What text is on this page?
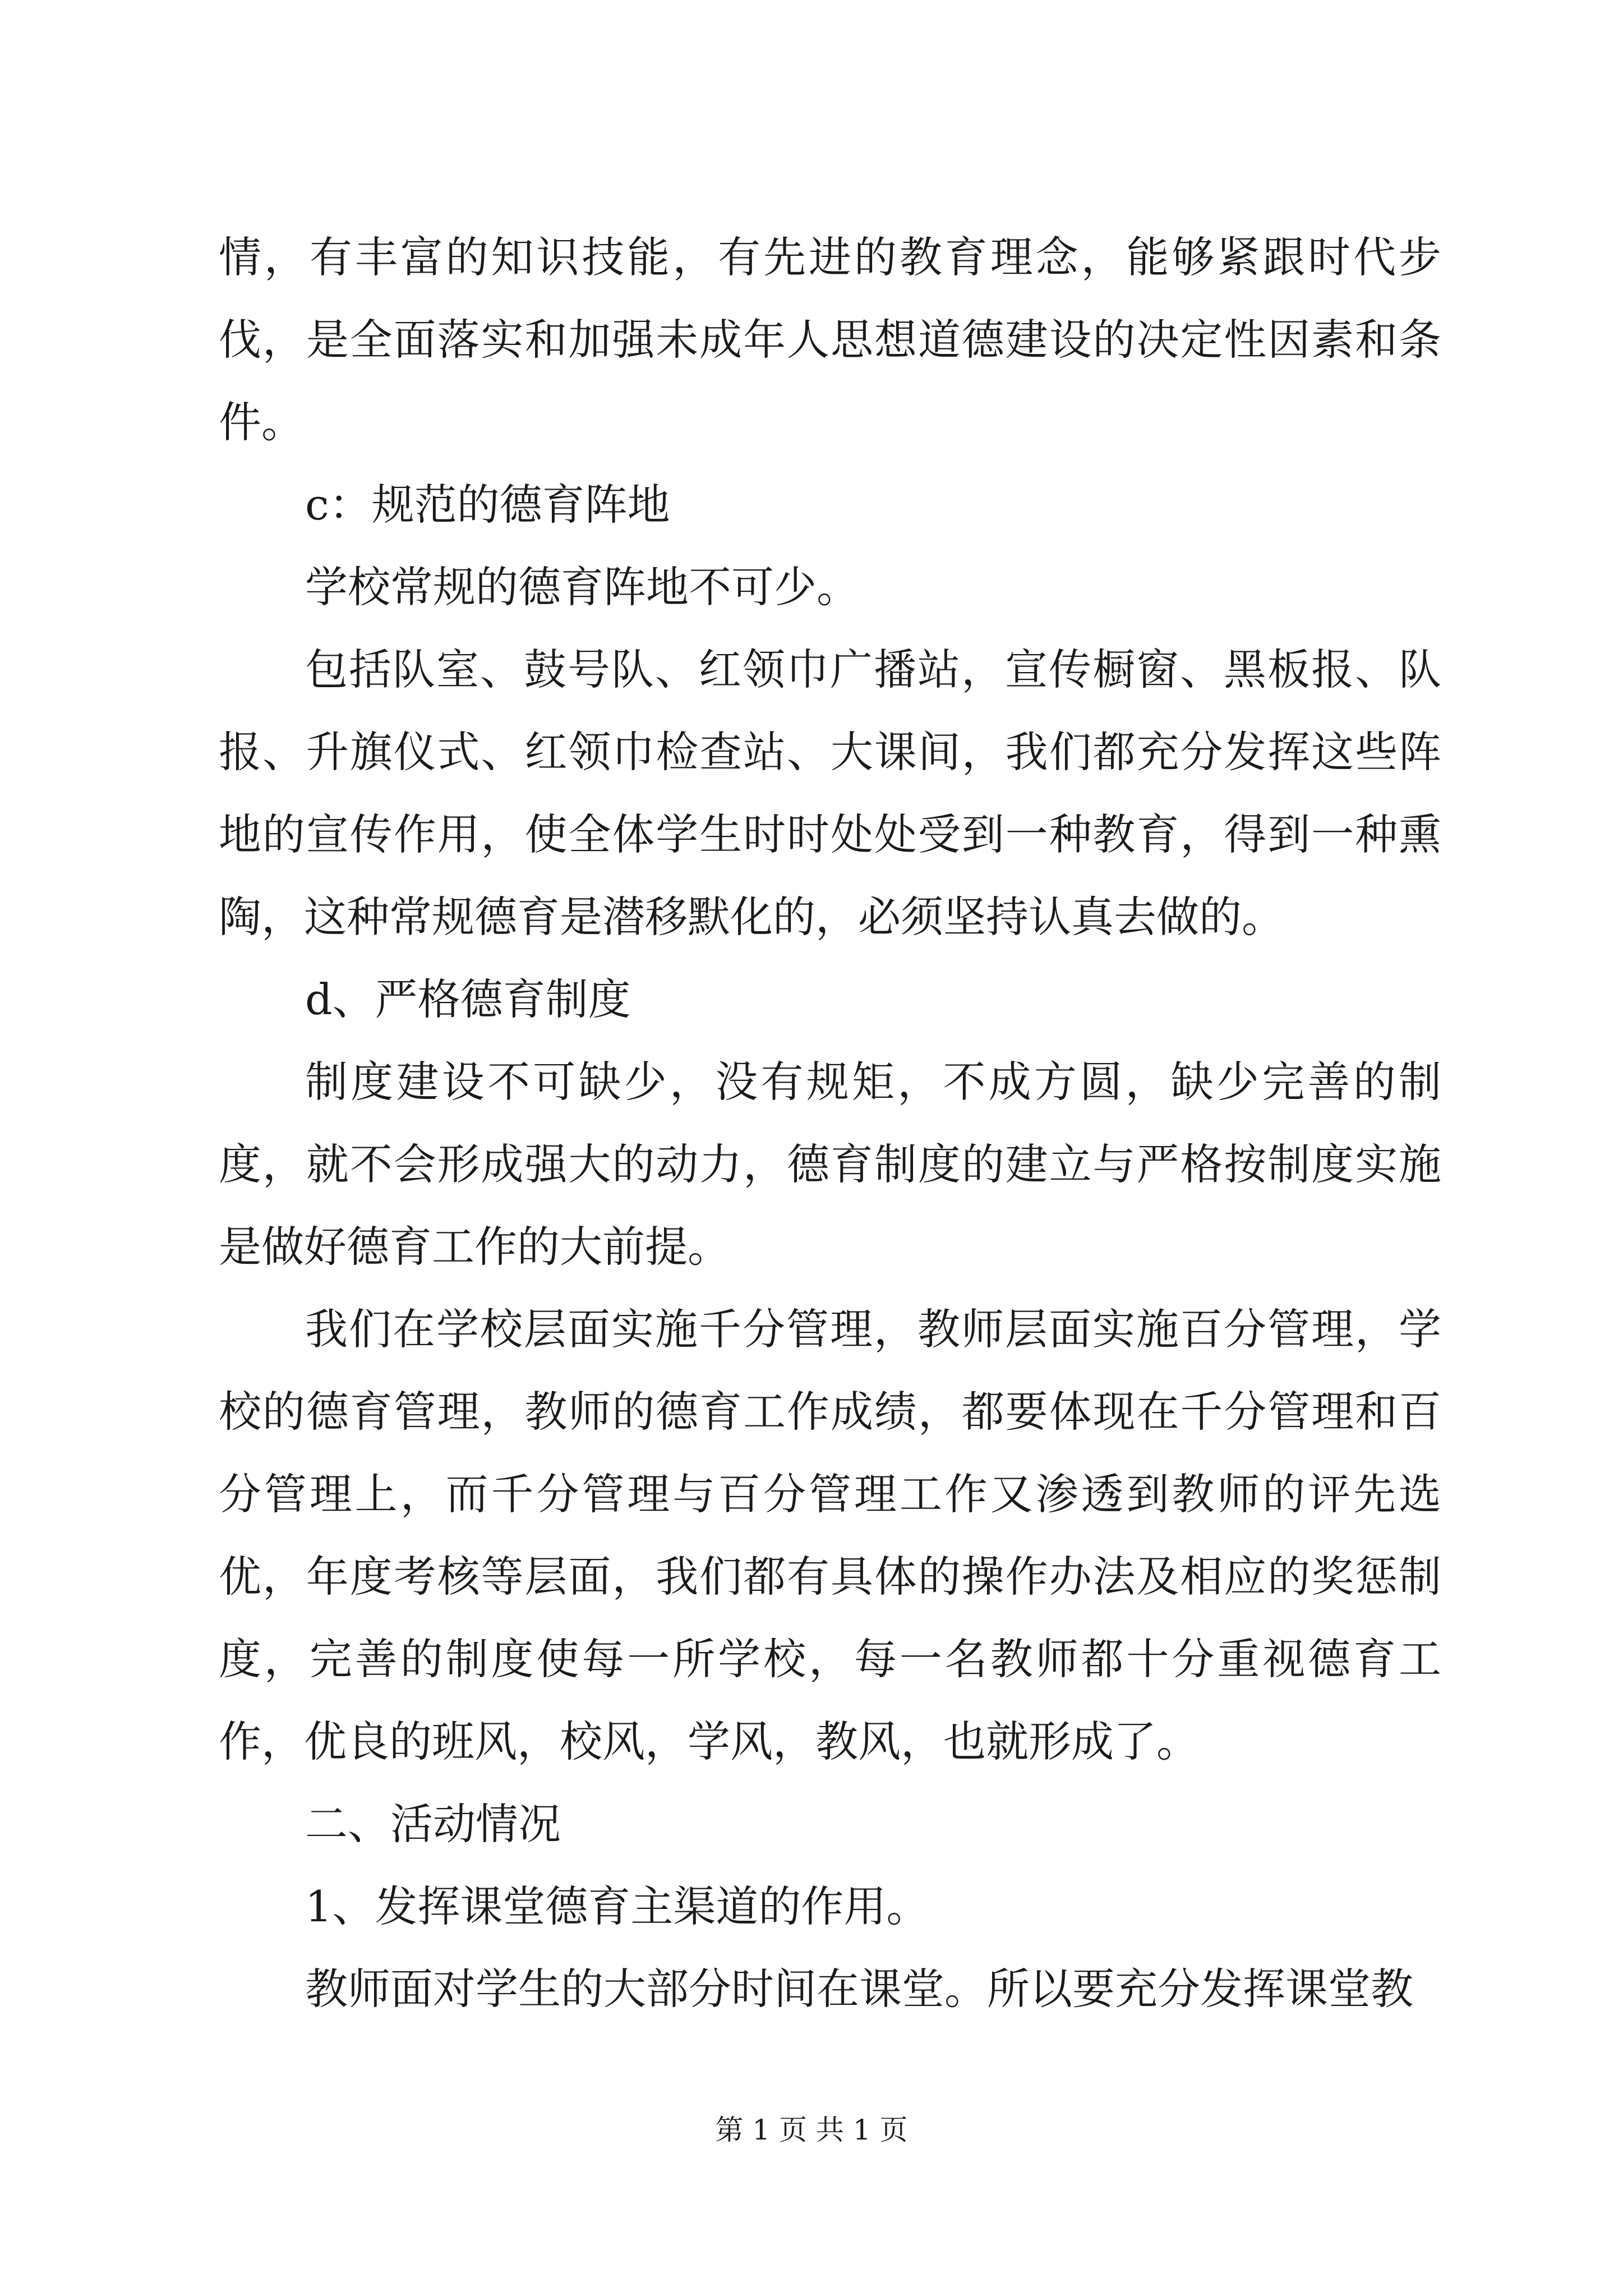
情，有丰富的知识技能，有先进的教育理念，能够紧跟时代步伐，是全面落实和加强未成年人思想道德建设的决定性因素和条件。

c：规范的德育阵地

学校常规的德育阵地不可少。

包括队室、鼓号队、红领巾广播站，宣传橱窗、黑板报、队报、升旗仪式、红领巾检查站、大课间，我们都充分发挥这些阵地的宣传作用，使全体学生时时处处受到一种教育，得到一种熏陶，这种常规德育是潜移默化的，必须坚持认真去做的。

d、严格德育制度

制度建设不可缺少，没有规矩，不成方圆，缺少完善的制度，就不会形成强大的动力，德育制度的建立与严格按制度实施是做好德育工作的大前提。

我们在学校层面实施千分管理，教师层面实施百分管理，学校的德育管理，教师的德育工作成绩，都要体现在千分管理和百分管理上，而千分管理与百分管理工作又渗透到教师的评先选优，年度考核等层面，我们都有具体的操作办法及相应的奖惩制度，完善的制度使每一所学校，每一名教师都十分重视德育工作，优良的班风，校风，学风，教风，也就形成了。

二、活动情况

1、发挥课堂德育主渠道的作用。

教师面对学生的大部分时间在课堂。所以要充分发挥课堂教

第 1 页 共 1 页
